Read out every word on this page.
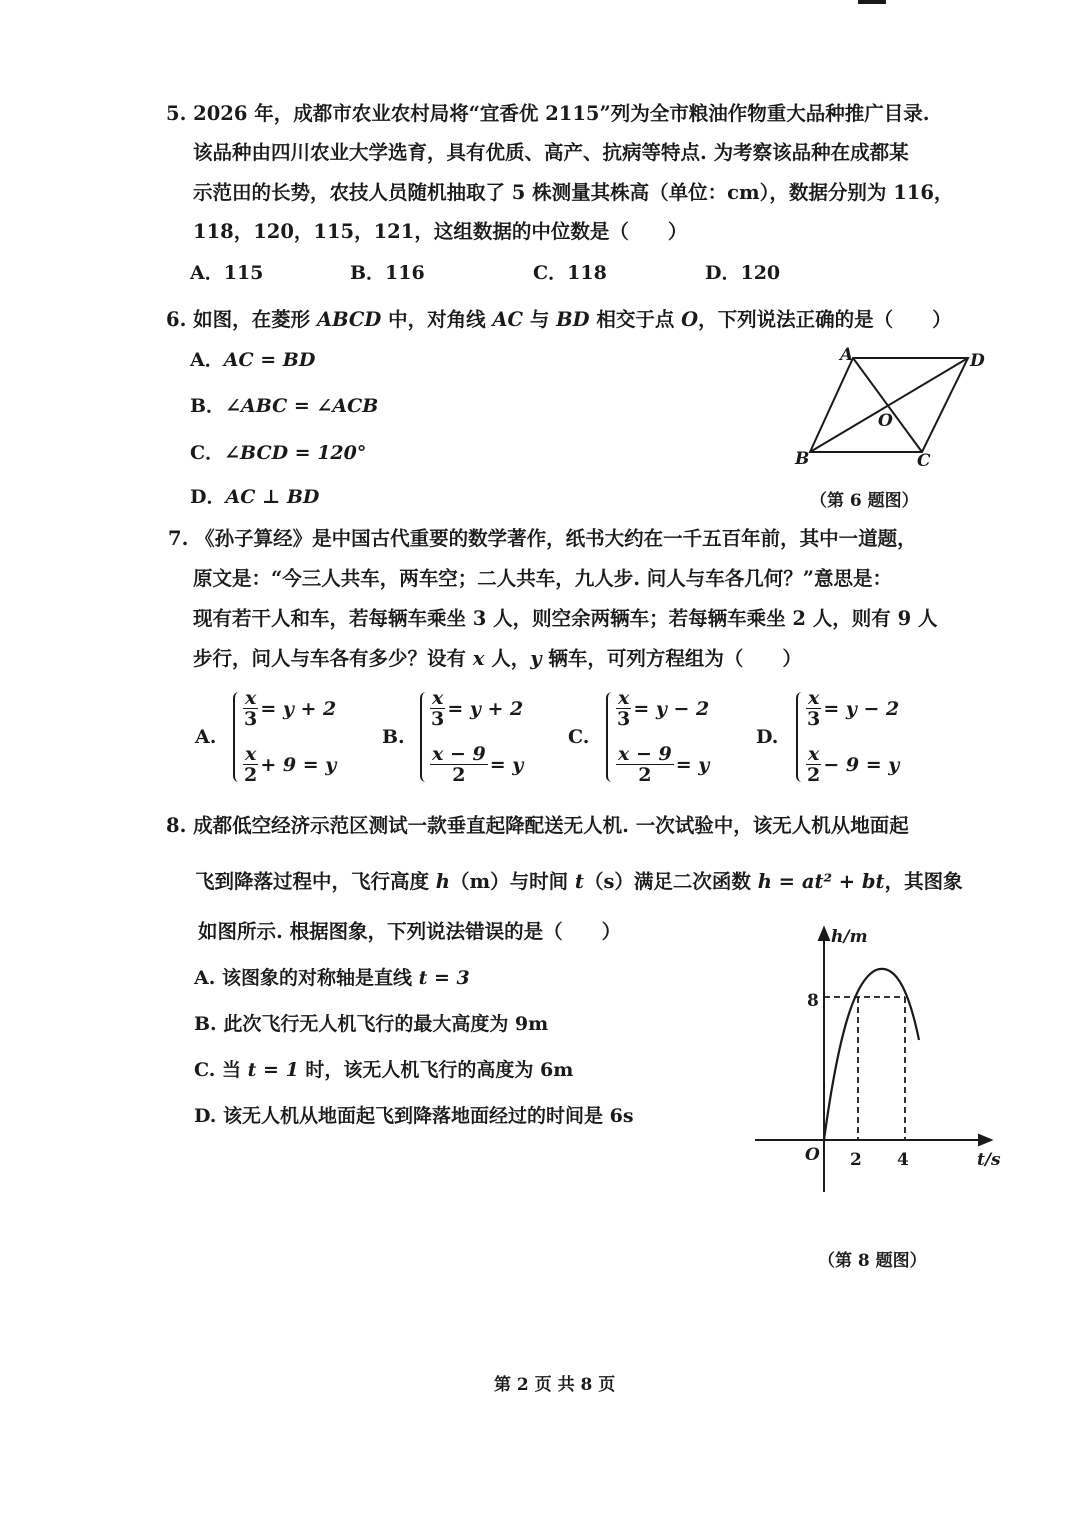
5. 2026 年，成都市农业农村局将“宜香优 2115”列为全市粮油作物重大品种推广目录.
该品种由四川农业大学选育，具有优质、高产、抗病等特点. 为考察该品种在成都某
示范田的长势，农技人员随机抽取了 5 株测量其株高（单位：cm），数据分别为 116，
118，120，115，121，这组数据的中位数是（　　）
A．115	B．116	C．118	D．120
6. 如图，在菱形 ABCD 中，对角线 AC 与 BD 相交于点 O，下列说法正确的是（　　）
A．AC = BD
B．∠ABC = ∠ACB
C．∠BCD = 120°
D．AC ⊥ BD
A	D
B	C
O
（第 6 题图）
7. 《孙子算经》是中国古代重要的数学著作，纸书大约在一千五百年前，其中一道题，
原文是：“今三人共车，两车空；二人共车，九人步. 问人与车各几何？”意思是：
现有若干人和车，若每辆车乘坐 3 人，则空余两辆车；若每辆车乘坐 2 人，则有 9 人
步行，问人与车各有多少？设有 x 人，y 辆车，可列方程组为（　　）
A.
$\frac{x}{3} = y + 2$
$\frac{x}{2} + 9 = y$
B.
$\frac{x}{3} = y + 2$
$\frac{x - 9}{2} = y$
C.
$\frac{x}{3} = y - 2$
$\frac{x - 9}{2} = y$
D.
$\frac{x}{3} = y - 2$
$\frac{x}{2} - 9 = y$
8. 成都低空经济示范区测试一款垂直起降配送无人机. 一次试验中，该无人机从地面起
飞到降落过程中，飞行高度 h（m）与时间 t（s）满足二次函数 h = at² + bt，其图象
如图所示. 根据图象，下列说法错误的是（　　）
A. 该图象的对称轴是直线 t = 3
B. 此次飞行无人机飞行的最大高度为 9m
C. 当 t = 1 时，该无人机飞行的高度为 6m
D. 该无人机从地面起飞到降落地面经过的时间是 6s
h/m
t/s
O
8
2 4
（第 8 题图）
第 2 页 共 8 页
